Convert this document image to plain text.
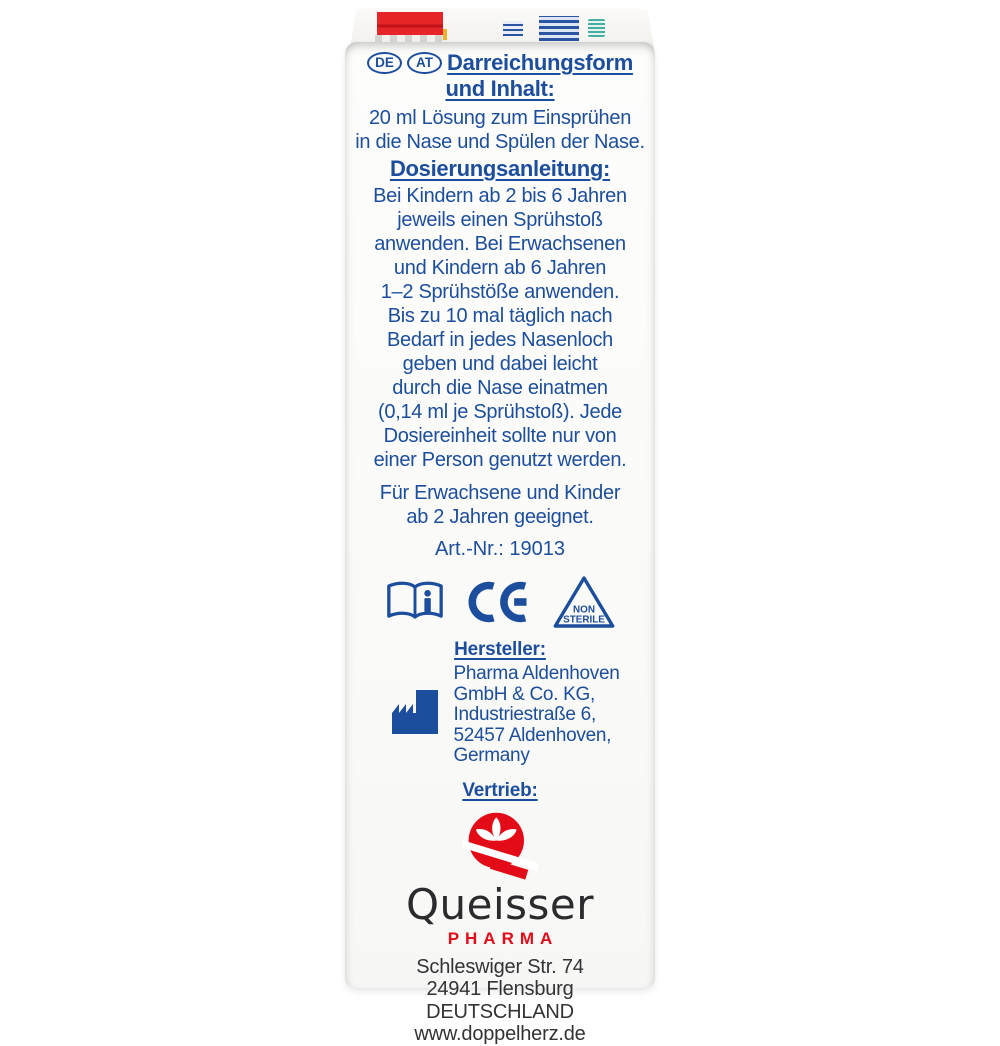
DE	AT Darreichungsform
und Inhalt:
20 ml Lösung zum Einsprühen
in die Nase und Spülen der Nase.
Dosierungsanleitung:
Bei Kindern ab 2 bis 6 Jahren
jeweils einen Sprühstoß
anwenden. Bei Erwachsenen
und Kindern ab 6 Jahren
1–2 Sprühstöße anwenden.
Bis zu 10 mal täglich nach
Bedarf in jedes Nasenloch
geben und dabei leicht
durch die Nase einatmen
(0,14 ml je Sprühstoß). Jede
Dosiereinheit sollte nur von
einer Person genutzt werden.
Für Erwachsene und Kinder
ab 2 Jahren geeignet.
Art.-Nr.: 19013
NON
STERILE
Hersteller:
Pharma Aldenhoven
GmbH & Co. KG,
Industriestraße 6,
52457 Aldenhoven,
Germany
Vertrieb:
Queisser
PHARMA
Schleswiger Str. 74
24941 Flensburg
DEUTSCHLAND
www.doppelherz.de
